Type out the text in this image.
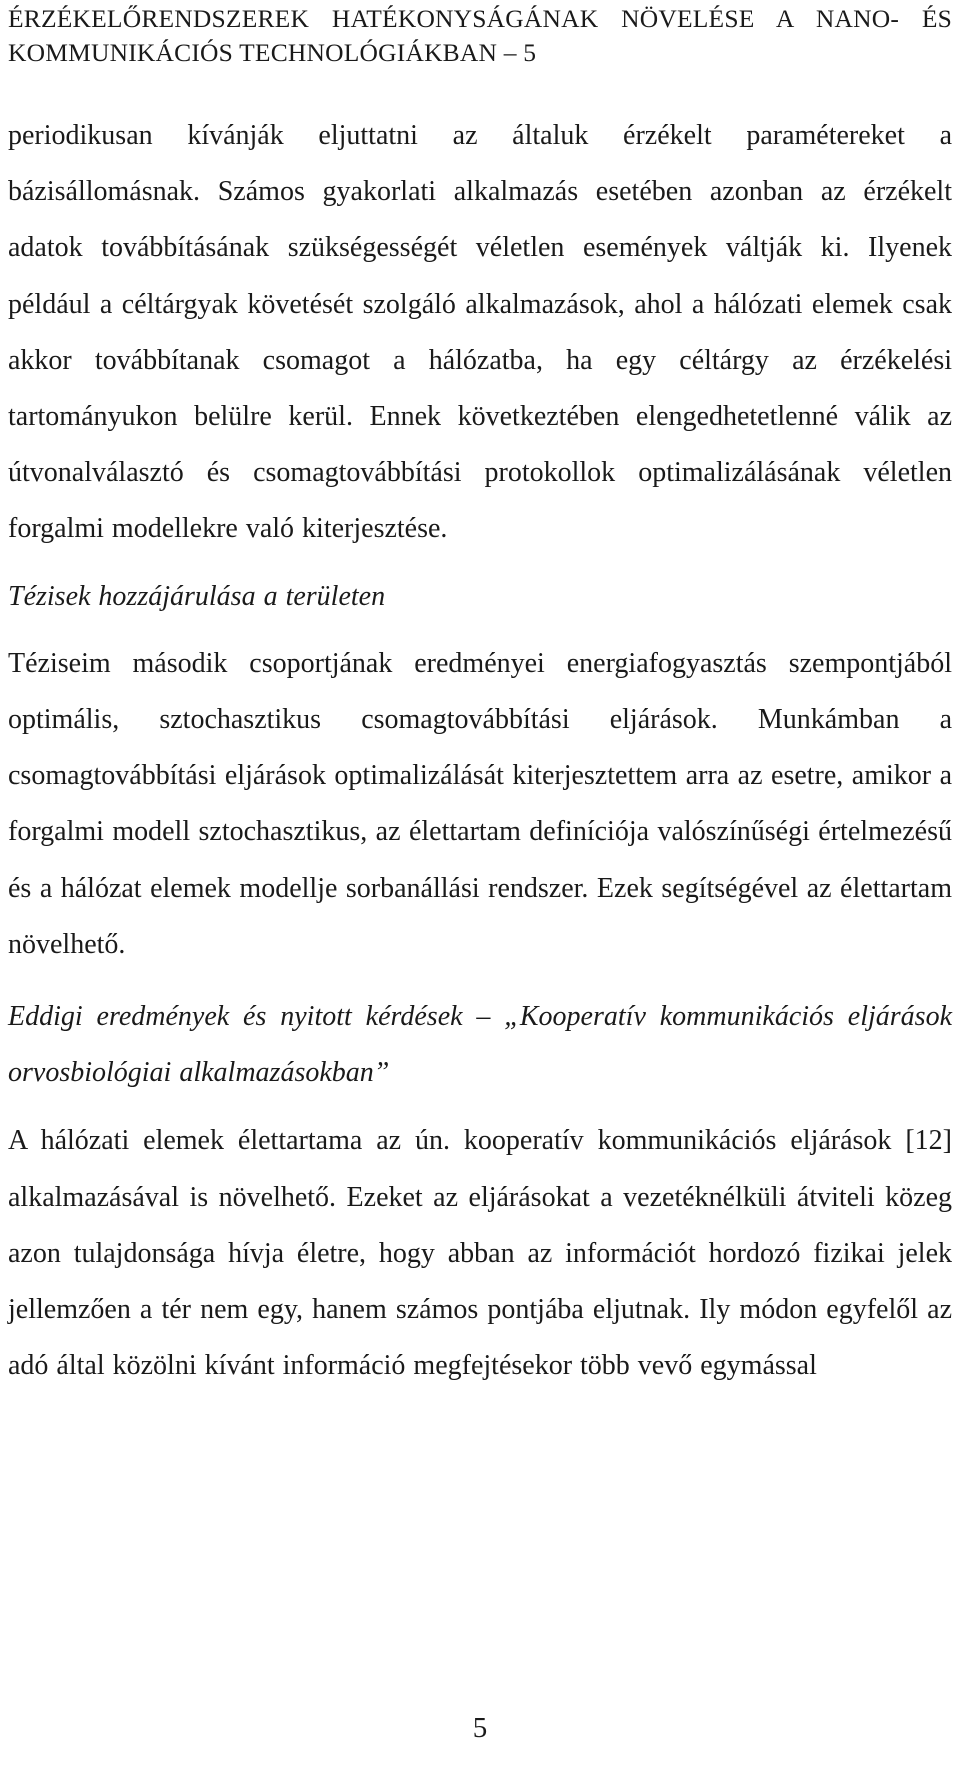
ÉRZÉKELŐRENDSZEREK HATÉKONYSÁGÁNAK NÖVELÉSE A NANO- ÉS KOMMUNIKÁCIÓS TECHNOLÓGIÁKBAN – 5

periodikusan kívánják eljuttatni az általuk érzékelt paramétereket a bázisállomásnak. Számos gyakorlati alkalmazás esetében azonban az érzékelt adatok továbbításának szükségességét véletlen események váltják ki. Ilyenek például a céltárgyak követését szolgáló alkalmazások, ahol a hálózati elemek csak akkor továbbítanak csomagot a hálózatba, ha egy céltárgy az érzékelési tartományukon belülre kerül. Ennek következtében elengedhetetlenné válik az útvonalválasztó és csomagtovábbítási protokollok optimalizálásának véletlen forgalmi modellekre való kiterjesztése.

Tézisek hozzájárulása a területen

Téziseim második csoportjának eredményei energiafogyasztás szempontjából optimális, sztochasztikus csomagtovábbítási eljárások. Munkámban a csomagtovábbítási eljárások optimalizálását kiterjesztettem arra az esetre, amikor a forgalmi modell sztochasztikus, az élettartam definíciója valószínűségi értelmezésű és a hálózat elemek modellje sorbanállási rendszer. Ezek segítségével az élettartam növelhető.

Eddigi eredmények és nyitott kérdések – „Kooperatív kommunikációs eljárások orvosbiológiai alkalmazásokban”

A hálózati elemek élettartama az ún. kooperatív kommunikációs eljárások [12] alkalmazásával is növelhető. Ezeket az eljárásokat a vezetéknélküli átviteli közeg azon tulajdonsága hívja életre, hogy abban az információt hordozó fizikai jelek jellemzően a tér nem egy, hanem számos pontjába eljutnak. Ily módon egyfelől az adó által közölni kívánt információ megfejtésekor több vevő egymással

5
